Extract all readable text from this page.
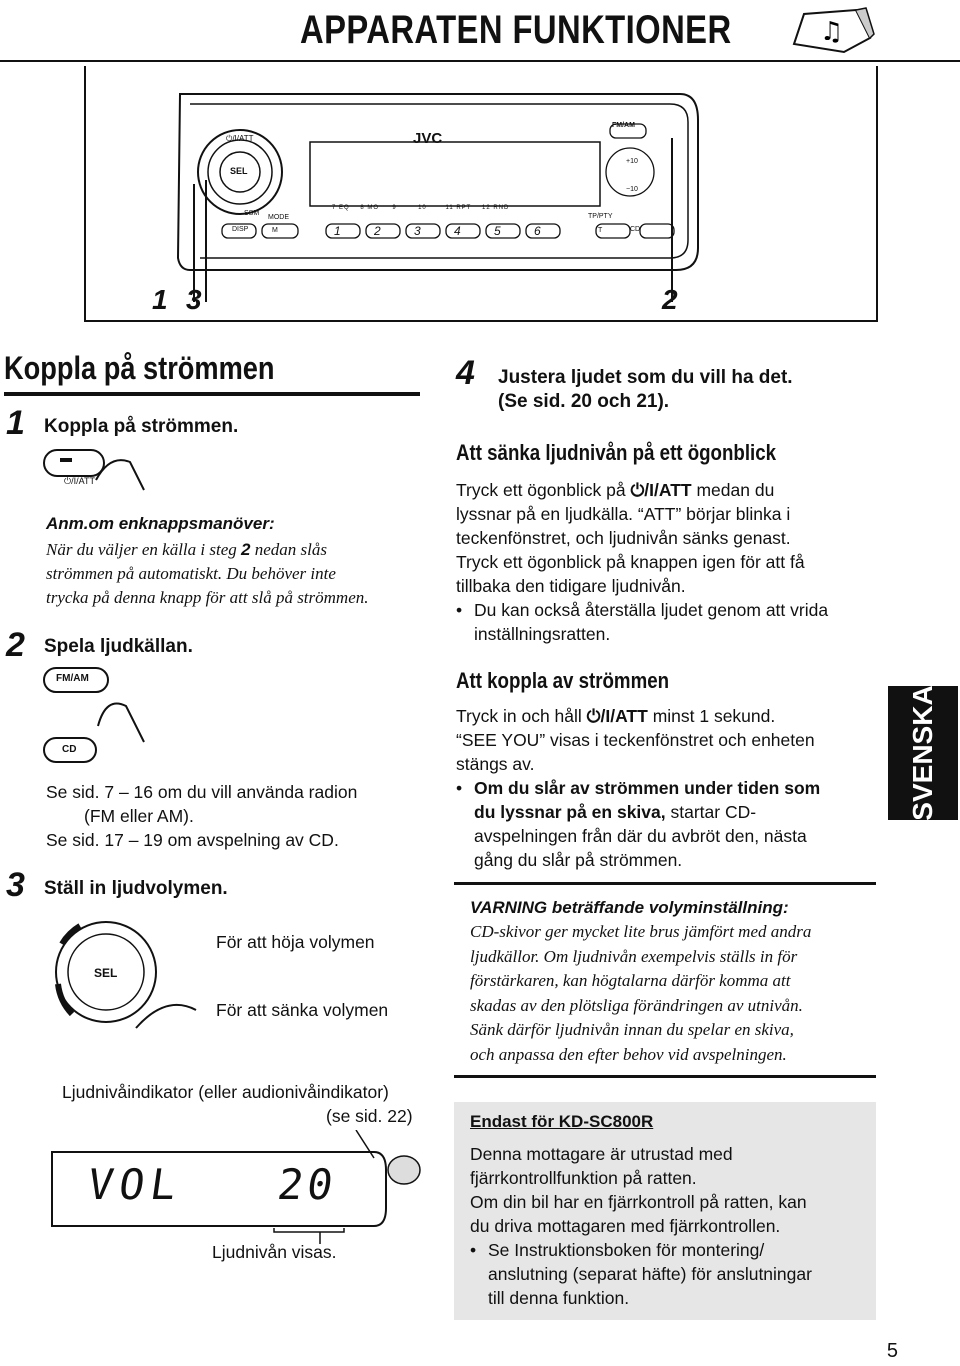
APPARATEN FUNKTIONER	♫
JVC
⏻/I/ATT
SEL
FM/AM
+10
−10
SSM
MODE
DISP	M
TP/PTY
T	CD
7 EQ 8 MO 9	10	11 RPT 12 RND
1	2	3	4	5	6
1 3	2
Koppla på strömmen
1 Koppla på strömmen.
⏻/I/ATT
Anm.om enknappsmanöver:
När du väljer en källa i steg 2 nedan slås
strömmen på automatiskt. Du behöver inte
trycka på denna knapp för att slå på strömmen.
2 Spela ljudkällan.
FM/AM
CD
Se sid. 7 – 16 om du vill använda radion
(FM eller AM).
Se sid. 17 – 19 om avspelning av CD.
3 Ställ in ljudvolymen.
SEL
För att höja volymen
För att sänka volymen
Ljudnivåindikator (eller audionivåindikator)
(se sid. 22)
VOL 20
Ljudnivån visas.
4 Justera ljudet som du vill ha det.
(Se sid. 20 och 21).
Att sänka ljudnivån på ett ögonblick
Tryck ett ögonblick på ⏻/I/ATT medan du
lyssnar på en ljudkälla. “ATT” börjar blinka i
teckenfönstret, och ljudnivån sänks genast.
Tryck ett ögonblick på knappen igen för att få
tillbaka den tidigare ljudnivån.
• Du kan också återställa ljudet genom att vrida
inställningsratten.
Att koppla av strömmen
Tryck in och håll ⏻/I/ATT minst 1 sekund.
“SEE YOU” visas i teckenfönstret och enheten
stängs av.
• Om du slår av strömmen under tiden som
du lyssnar på en skiva, startar CD-
avspelningen från där du avbröt den, nästa
gång du slår på strömmen.
SVENSKA
VARNING beträffande volyminställning:
CD-skivor ger mycket lite brus jämfört med andra
ljudkällor. Om ljudnivån exempelvis ställs in för
förstärkaren, kan högtalarna därför komma att
skadas av den plötsliga förändringen av utnivån.
Sänk därför ljudnivån innan du spelar en skiva,
och anpassa den efter behov vid avspelningen.
Endast för KD-SC800R
Denna mottagare är utrustad med
fjärrkontrollfunktion på ratten.
Om din bil har en fjärrkontroll på ratten, kan
du driva mottagaren med fjärrkontrollen.
• Se Instruktionsboken för montering/
anslutning (separat häfte) för anslutningar
till denna funktion.
5
